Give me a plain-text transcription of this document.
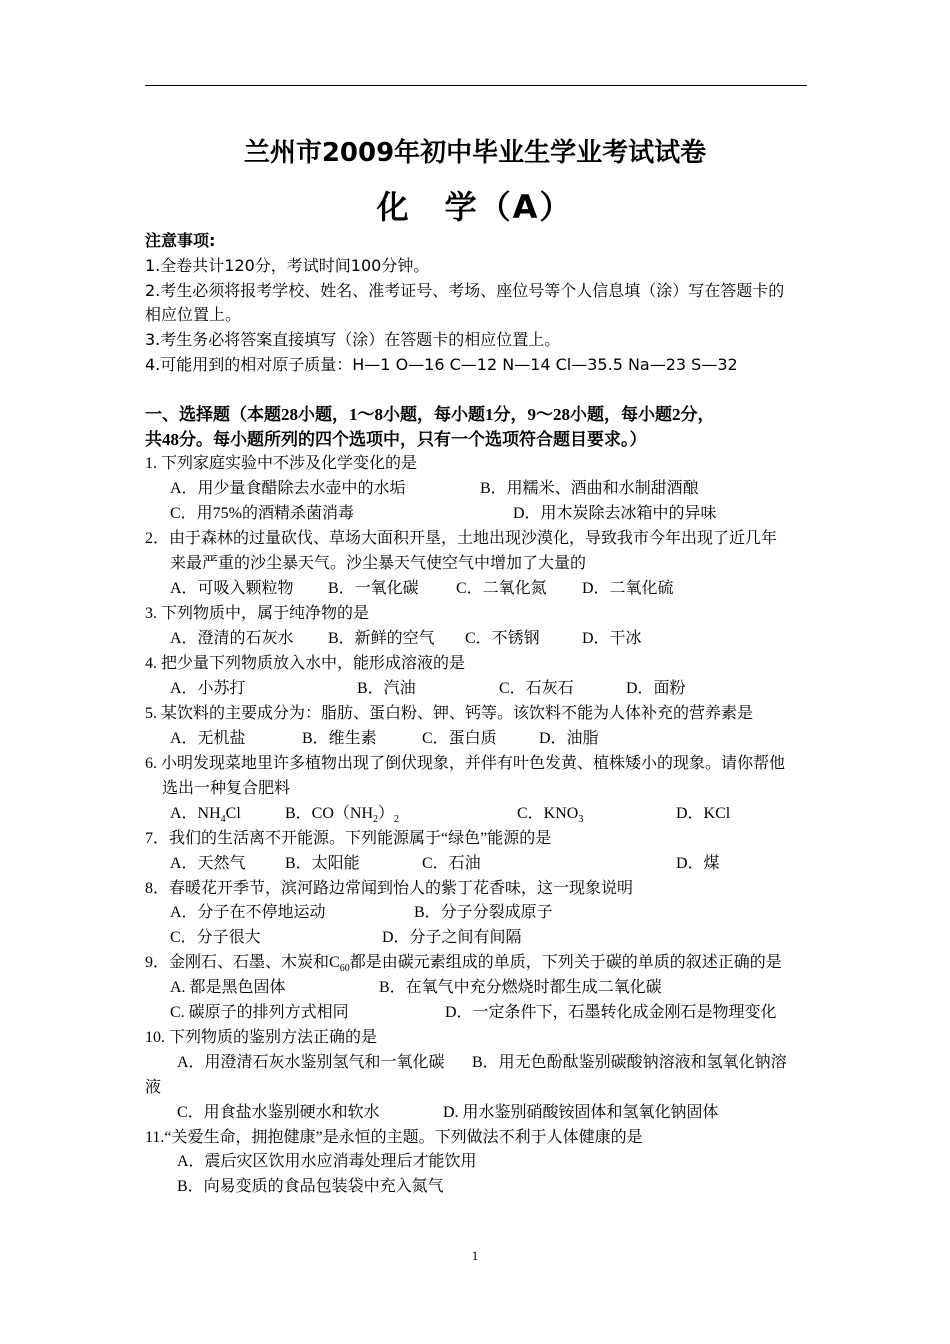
兰州市2009年初中毕业生学业考试试卷
化　学（A）
注意事项:
1.全卷共计120分，考试时间100分钟。
2.考生必须将报考学校、姓名、准考证号、考场、座位号等个人信息填（涂）写在答题卡的
相应位置上。
3.考生务必将答案直接填写（涂）在答题卡的相应位置上。
4.可能用到的相对原子质量：H—1 O—16 C—12 N—14 Cl—35.5 Na—23 S—32
一、选择题（本题28小题，1～8小题，每小题1分，9～28小题，每小题2分，
共48分。每小题所列的四个选项中，只有一个选项符合题目要求。）
1. 下列家庭实验中不涉及化学变化的是
A．用少量食醋除去水壶中的水垢	B．用糯米、酒曲和水制甜酒酿
C．用75%的酒精杀菌消毒	D．用木炭除去冰箱中的异味
2．由于森林的过量砍伐、草场大面积开垦，土地出现沙漠化，导致我市今年出现了近几年
来最严重的沙尘暴天气。沙尘暴天气使空气中增加了大量的
A．可吸入颗粒物 B．一氧化碳 C．二氧化氮 D．二氧化硫
3. 下列物质中，属于纯净物的是
A．澄清的石灰水 B．新鲜的空气 C．不锈钢	D．干冰
4. 把少量下列物质放入水中，能形成溶液的是
A．小苏打	B．汽油	C．石灰石	D．面粉
5. 某饮料的主要成分为：脂肪、蛋白粉、钾、钙等。该饮料不能为人体补充的营养素是
A．无机盐	B．维生素	C．蛋白质	D．油脂
6. 小明发现菜地里许多植物出现了倒伏现象，并伴有叶色发黄、植株矮小的现象。请你帮他
选出一种复合肥料
A．$NH_4Cl$	B．$CO(NH_2)_2$	C．$KNO_3$	D．KCl
7．我们的生活离不开能源。下列能源属于“绿色”能源的是
A．天然气 B．太阳能	C．石油	D．煤
8．春暖花开季节，滨河路边常闻到怡人的紫丁花香味，这一现象说明
A．分子在不停地运动	B．分子分裂成原子
C．分子很大	D．分子之间有间隔
9．金刚石、石墨、木炭和$C_{60}$都是由碳元素组成的单质，下列关于碳的单质的叙述正确的是
A. 都是黑色固体	B．在氧气中充分燃烧时都生成二氧化碳
C. 碳原子的排列方式相同	D．一定条件下，石墨转化成金刚石是物理变化
10. 下列物质的鉴别方法正确的是
A．用澄清石灰水鉴别氢气和一氧化碳 B．用无色酚酞鉴别碳酸钠溶液和氢氧化钠溶
液
C．用食盐水鉴别硬水和软水	D. 用水鉴别硝酸铵固体和氢氧化钠固体
11.“关爱生命，拥抱健康”是永恒的主题。下列做法不利于人体健康的是
A．震后灾区饮用水应消毒处理后才能饮用
B．向易变质的食品包装袋中充入氮气
1
